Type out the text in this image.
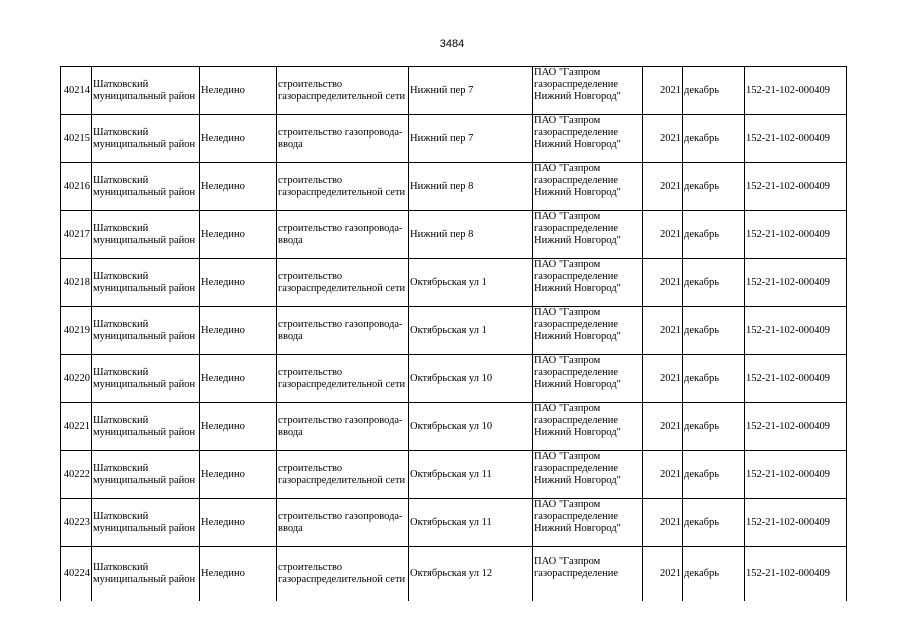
3484
40214	Шатковский
муниципальный район	Неледино	строительство
газораспределительной сети	Нижний пер 7	ПАО "Газпром
газораспределение
Нижний Новгород"	2021	декабрь	152-21-102-000409
40215	Шатковский
муниципальный район	Неледино	строительство газопровода-
ввода	Нижний пер 7	ПАО "Газпром
газораспределение
Нижний Новгород"	2021	декабрь	152-21-102-000409
40216	Шатковский
муниципальный район	Неледино	строительство
газораспределительной сети	Нижний пер 8	ПАО "Газпром
газораспределение
Нижний Новгород"	2021	декабрь	152-21-102-000409
40217	Шатковский
муниципальный район	Неледино	строительство газопровода-
ввода	Нижний пер 8	ПАО "Газпром
газораспределение
Нижний Новгород"	2021	декабрь	152-21-102-000409
40218	Шатковский
муниципальный район	Неледино	строительство
газораспределительной сети	Октябрьская ул 1	ПАО "Газпром
газораспределение
Нижний Новгород"	2021	декабрь	152-21-102-000409
40219	Шатковский
муниципальный район	Неледино	строительство газопровода-
ввода	Октябрьская ул 1	ПАО "Газпром
газораспределение
Нижний Новгород"	2021	декабрь	152-21-102-000409
40220	Шатковский
муниципальный район	Неледино	строительство
газораспределительной сети	Октябрьская ул 10	ПАО "Газпром
газораспределение
Нижний Новгород"	2021	декабрь	152-21-102-000409
40221	Шатковский
муниципальный район	Неледино	строительство газопровода-
ввода	Октябрьская ул 10	ПАО "Газпром
газораспределение
Нижний Новгород"	2021	декабрь	152-21-102-000409
40222	Шатковский
муниципальный район	Неледино	строительство
газораспределительной сети	Октябрьская ул 11	ПАО "Газпром
газораспределение
Нижний Новгород"	2021	декабрь	152-21-102-000409
40223	Шатковский
муниципальный район	Неледино	строительство газопровода-
ввода	Октябрьская ул 11	ПАО "Газпром
газораспределение
Нижний Новгород"	2021	декабрь	152-21-102-000409
40224	Шатковский
муниципальный район	Неледино	строительство
газораспределительной сети	Октябрьская ул 12	ПАО "Газпром
газораспределение	2021	декабрь	152-21-102-000409
